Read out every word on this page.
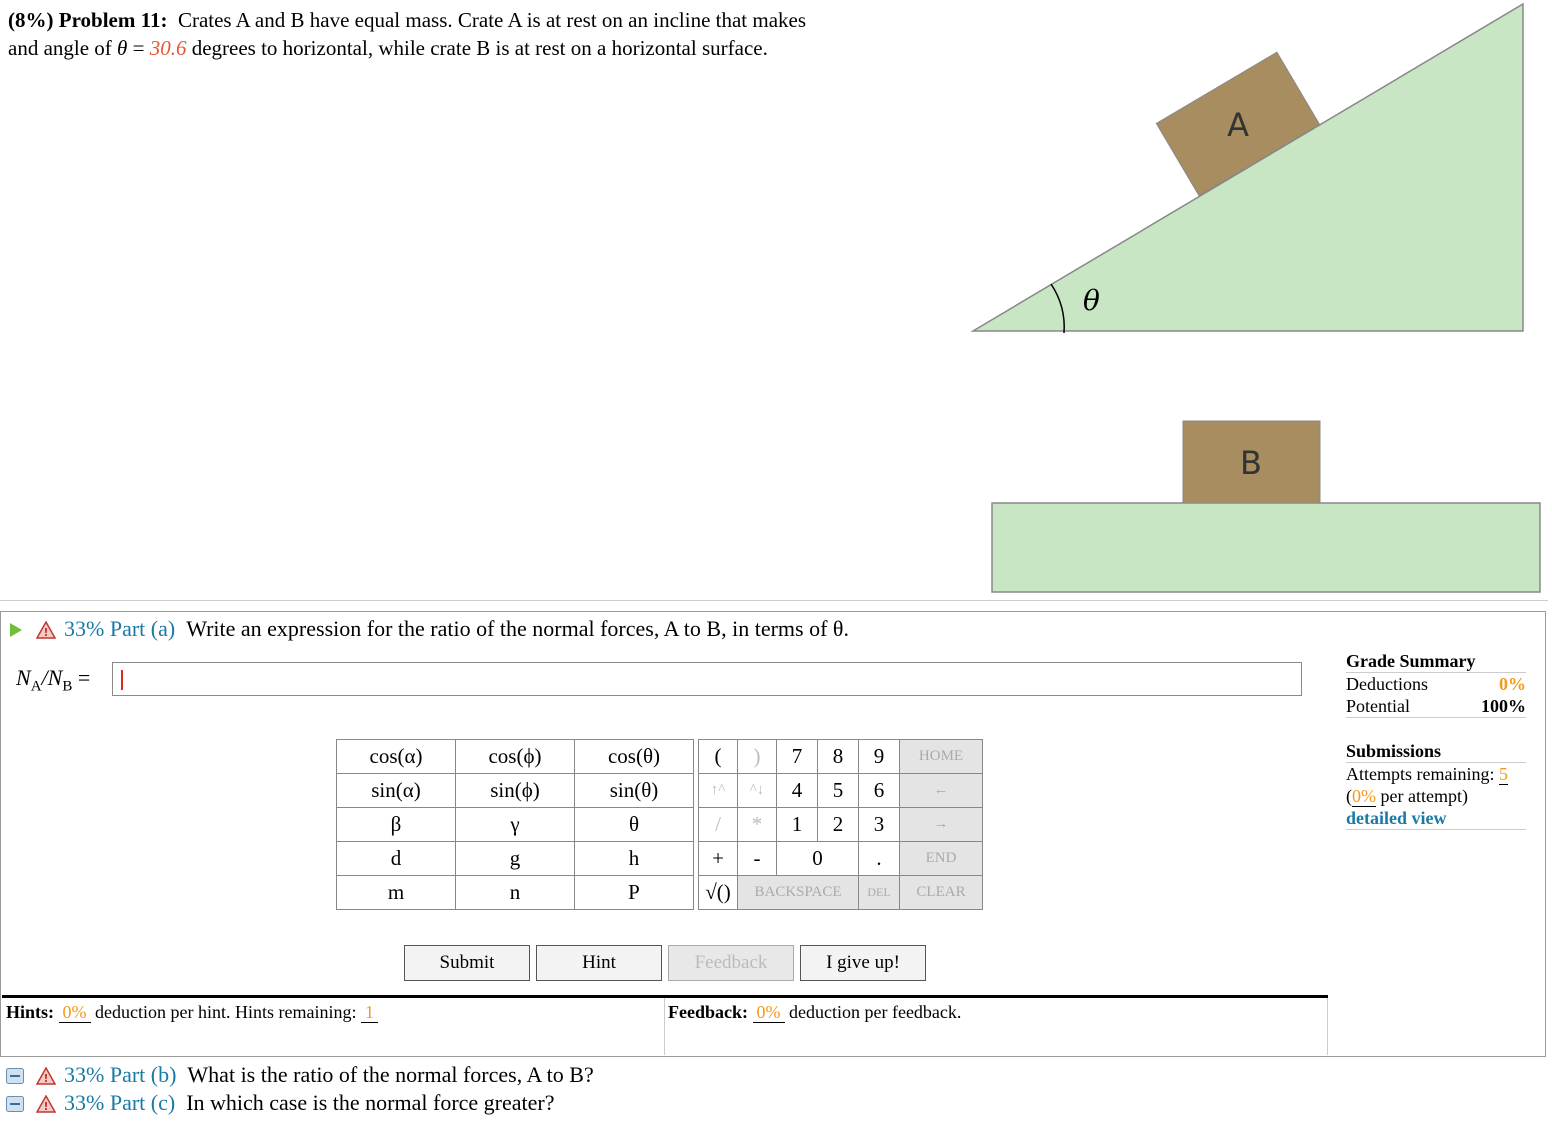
(8%) Problem 11: Crates A and B have equal mass. Crate A is at rest on an incline that makes
and angle of θ = 30.6 degrees to horizontal, while crate B is at rest on a horizontal surface.
A
θ
B
! 33% Part (a) Write an expression for the ratio of the normal forces, A to B, in terms of θ.
$N_A/N_B$ =
cos(α)	cos(ϕ)	cos(θ)
sin(α)	sin(ϕ)	sin(θ)
β	γ	θ
d	g	h
m	n	P
(	)	7	8	9	HOME
↑^	^↓	4	5	6	←
/	*	1	2	3	→
+	-	0		.	END
√()	BACKSPACE			DEL	CLEAR
Submit	Hint	Feedback	I give up!
Hints: 0% deduction per hint. Hints remaining: 1	Feedback: 0% deduction per feedback.
Grade Summary
Deductions	0%
Potential	100%
Submissions
Attempts remaining: 5
(0% per attempt)
detailed view
! 33% Part (b) What is the ratio of the normal forces, A to B?
! 33% Part (c) In which case is the normal force greater?
